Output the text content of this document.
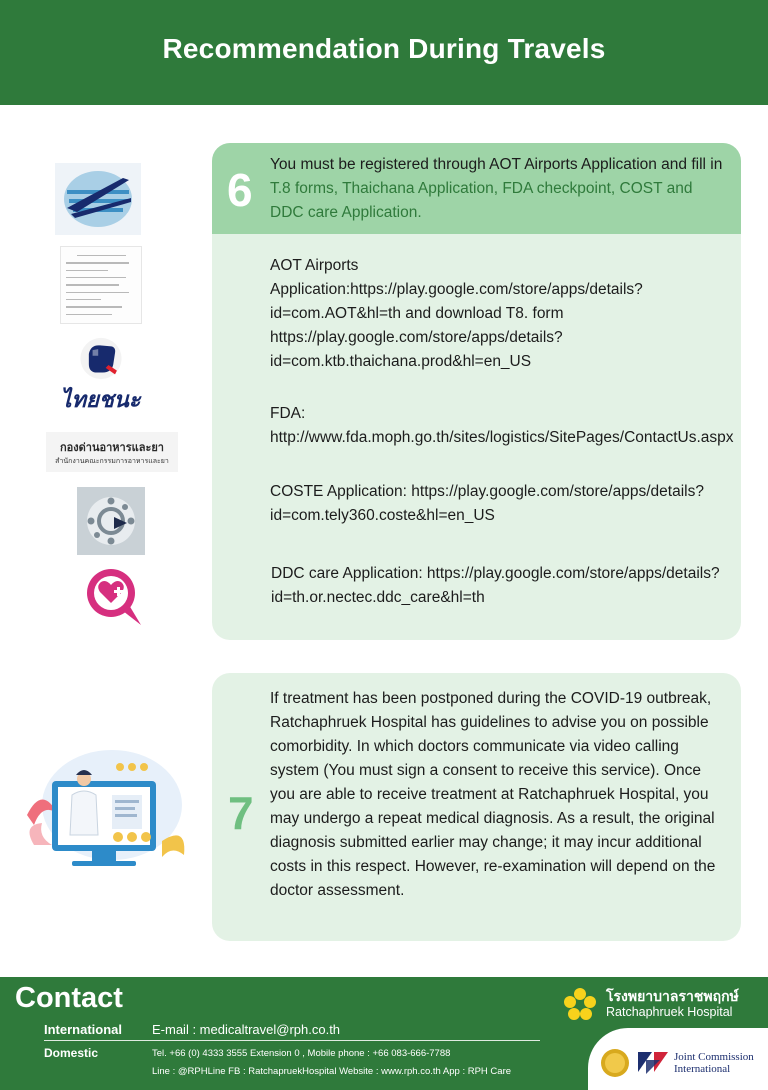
Recommendation During Travels
ไทยชนะ
กองด่านอาหารและยา
สำนักงานคณะกรรมการอาหารและยา
6 You must be registered through AOT Airports Application and fill in T.8 forms, Thaichana Application, FDA checkpoint, COST and DDC care Application.
AOT Airports Application:https://play.google.com/store/apps/details?id=com.AOT&hl=th and download T8. form
https://play.google.com/store/apps/details?id=com.ktb.thaichana.prod&hl=en_US
FDA: http://www.fda.moph.go.th/sites/logistics/SitePages/ContactUs.aspx
COSTE Application: https://play.google.com/store/apps/details?id=com.tely360.coste&hl=en_US
DDC care Application: https://play.google.com/store/apps/details?id=th.or.nectec.ddc_care&hl=th
7
If treatment has been postponed during the COVID-19 outbreak, Ratchaphruek Hospital has guidelines to advise you on possible comorbidity. In which doctors communicate via video calling system (You must sign a consent to receive this service). Once you are able to receive treatment at Ratchaphruek Hospital, you may undergo a repeat medical diagnosis. As a result, the original diagnosis submitted earlier may change; it may incur additional costs in this respect. However, re-examination will depend on the doctor assessment.
Contact
International E-mail : medicaltravel@rph.co.th
Domestic	Tel. +66 (0) 4333 3555 Extension 0 , Mobile phone : +66 083-666-7788
Line : @RPHLine FB : RatchapruekHospital Website : www.rph.co.th App : RPH Care
โรงพยาบาลราชพฤกษ์
Ratchaphruek Hospital
Joint Commission
International
